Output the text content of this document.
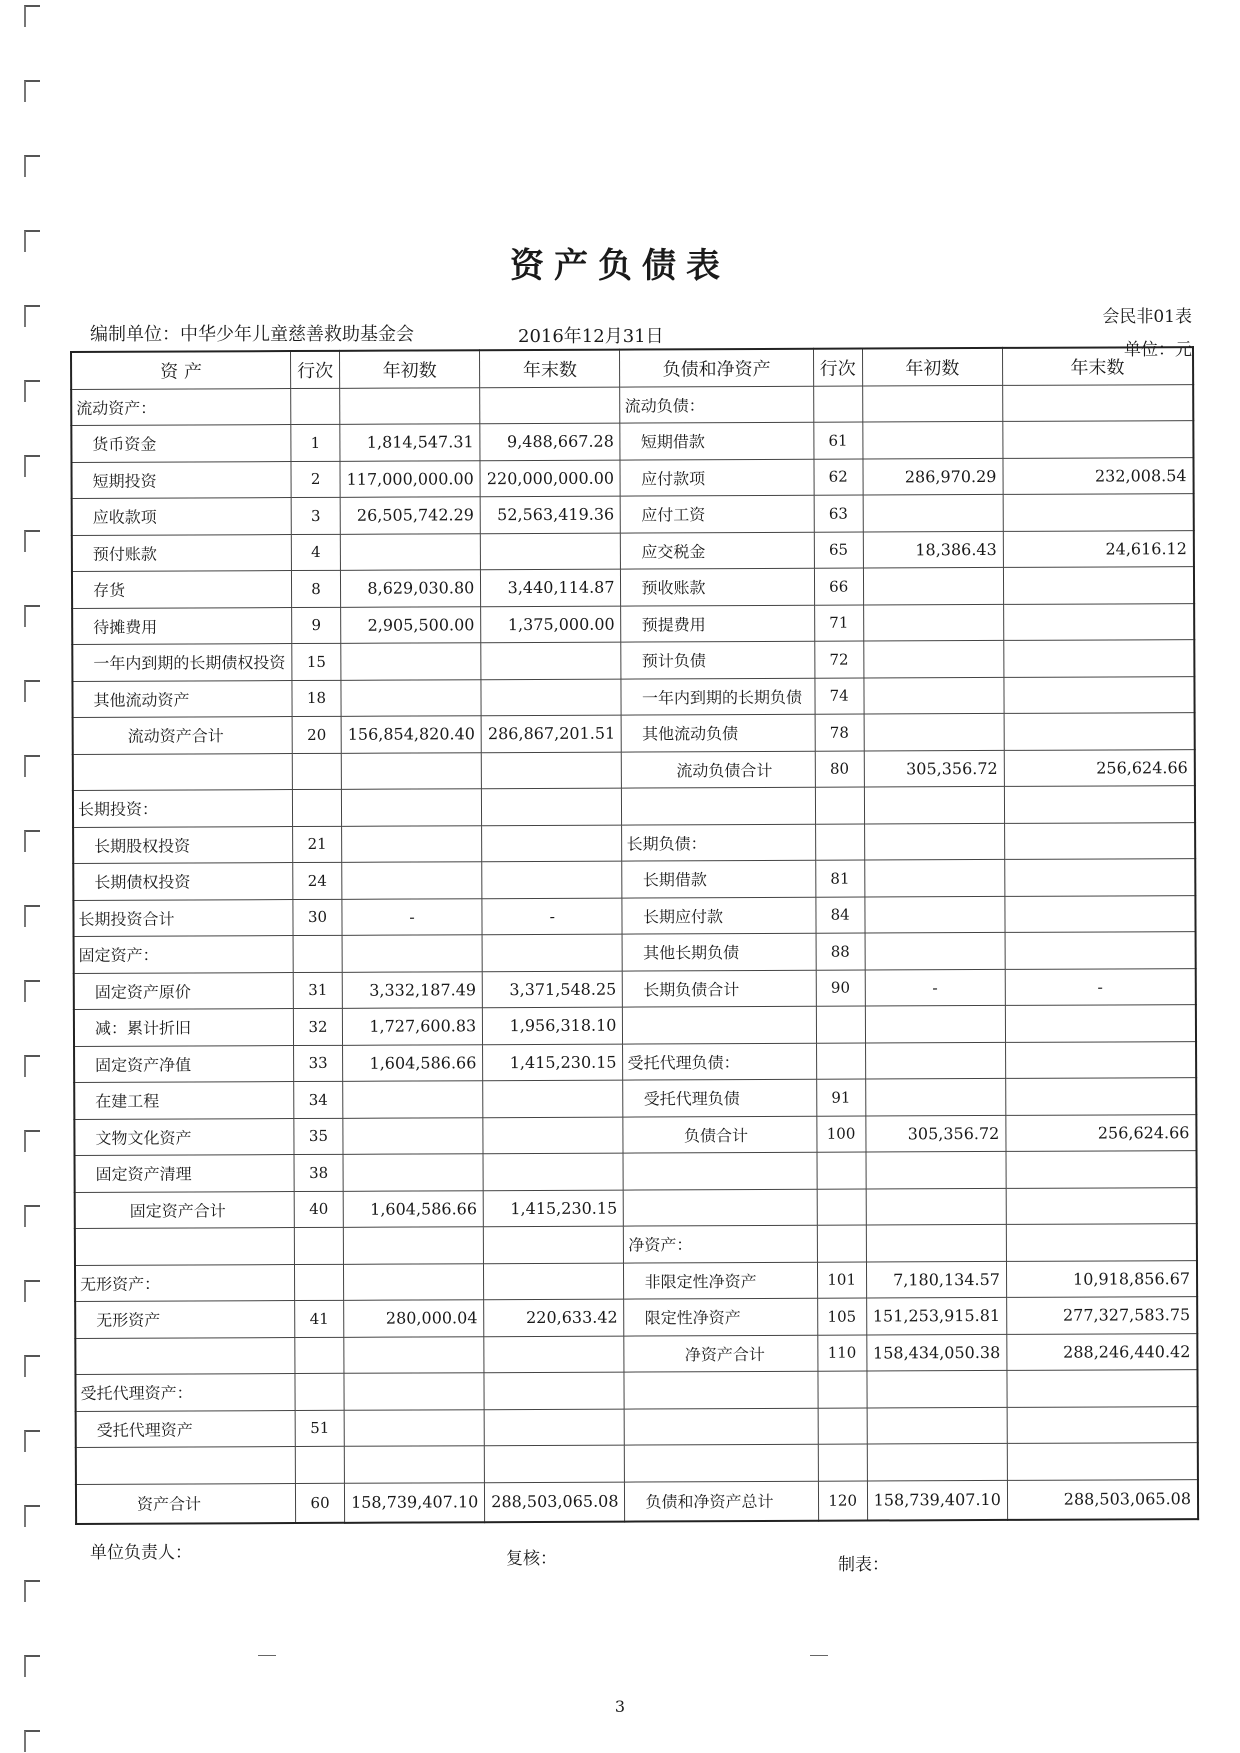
资产负债表
会民非01表
编制单位：中华少年儿童慈善救助基金会	2016年12月31日
单位：元
资 产	行次	年初数	年末数	负债和净资产	行次	年初数	年末数
流动资产：				流动负债：			
货币资金	1	1,814,547.31	9,488,667.28	短期借款	61		
短期投资	2	117,000,000.00	220,000,000.00	应付款项	62	286,970.29	232,008.54
应收款项	3	26,505,742.29	52,563,419.36	应付工资	63		
预付账款	4			应交税金	65	18,386.43	24,616.12
存货	8	8,629,030.80	3,440,114.87	预收账款	66		
待摊费用	9	2,905,500.00	1,375,000.00	预提费用	71		
一年内到期的长期债权投资	15			预计负债	72		
其他流动资产	18			一年内到期的长期负债	74		
流动资产合计	20	156,854,820.40	286,867,201.51	其他流动负债	78		
				流动负债合计	80	305,356.72	256,624.66
长期投资：							
长期股权投资	21			长期负债：			
长期债权投资	24			长期借款	81		
长期投资合计	30	-	-	长期应付款	84		
固定资产：				其他长期负债	88		
固定资产原价	31	3,332,187.49	3,371,548.25	长期负债合计	90	-	-
减：累计折旧	32	1,727,600.83	1,956,318.10				
固定资产净值	33	1,604,586.66	1,415,230.15	受托代理负债：			
在建工程	34			受托代理负债	91		
文物文化资产	35			负债合计	100	305,356.72	256,624.66
固定资产清理	38						
固定资产合计	40	1,604,586.66	1,415,230.15				
				净资产：			
无形资产：				非限定性净资产	101	7,180,134.57	10,918,856.67
无形资产	41	280,000.04	220,633.42	限定性净资产	105	151,253,915.81	277,327,583.75
				净资产合计	110	158,434,050.38	288,246,440.42
受托代理资产：							
受托代理资产	51						

资产合计	60	158,739,407.10	288,503,065.08	负债和净资产总计	120	158,739,407.10	288,503,065.08
单位负责人：	复核：	制表：
3
